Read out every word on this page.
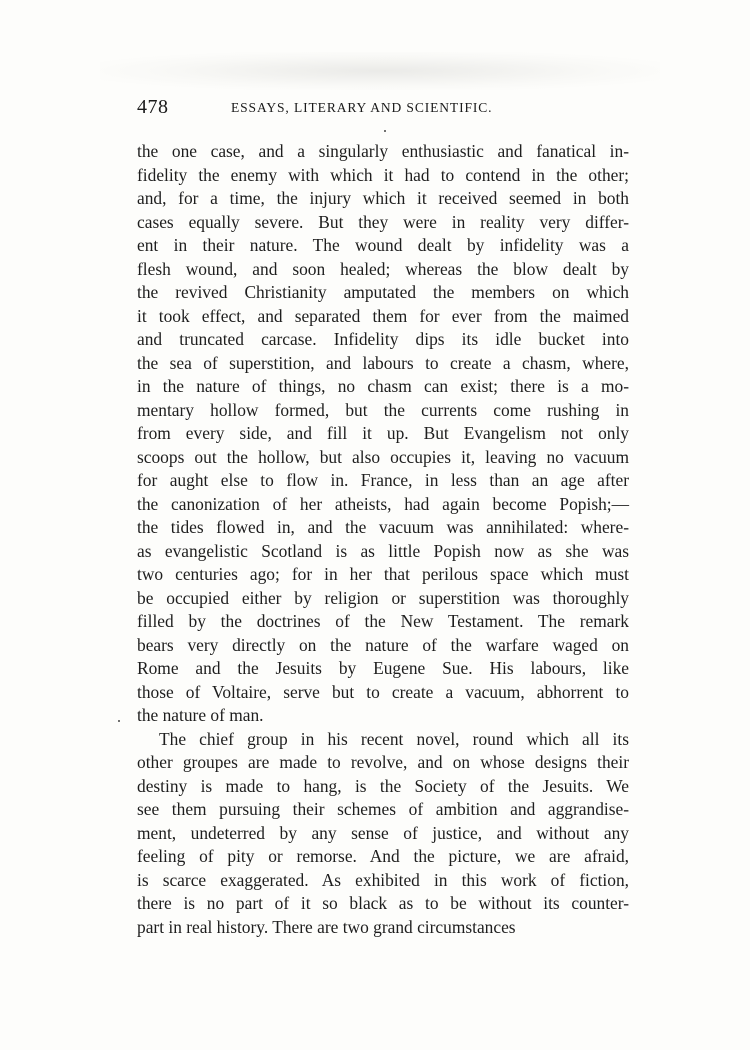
478	ESSAYS, LITERARY AND SCIENTIFIC.
the one case, and a singularly enthusiastic and fanatical in-
fidelity the enemy with which it had to contend in the other;
and, for a time, the injury which it received seemed in both
cases equally severe. But they were in reality very differ-
ent in their nature. The wound dealt by infidelity was a
flesh wound, and soon healed; whereas the blow dealt by
the revived Christianity amputated the members on which
it took effect, and separated them for ever from the maimed
and truncated carcase. Infidelity dips its idle bucket into
the sea of superstition, and labours to create a chasm, where,
in the nature of things, no chasm can exist; there is a mo-
mentary hollow formed, but the currents come rushing in
from every side, and fill it up. But Evangelism not only
scoops out the hollow, but also occupies it, leaving no vacuum
for aught else to flow in. France, in less than an age after
the canonization of her atheists, had again become Popish;—
the tides flowed in, and the vacuum was annihilated: where-
as evangelistic Scotland is as little Popish now as she was
two centuries ago; for in her that perilous space which must
be occupied either by religion or superstition was thoroughly
filled by the doctrines of the New Testament. The remark
bears very directly on the nature of the warfare waged on
Rome and the Jesuits by Eugene Sue. His labours, like
those of Voltaire, serve but to create a vacuum, abhorrent to
the nature of man.
The chief group in his recent novel, round which all its
other groupes are made to revolve, and on whose designs their
destiny is made to hang, is the Society of the Jesuits. We
see them pursuing their schemes of ambition and aggrandise-
ment, undeterred by any sense of justice, and without any
feeling of pity or remorse. And the picture, we are afraid,
is scarce exaggerated. As exhibited in this work of fiction,
there is no part of it so black as to be without its counter-
part in real history. There are two grand circumstances
